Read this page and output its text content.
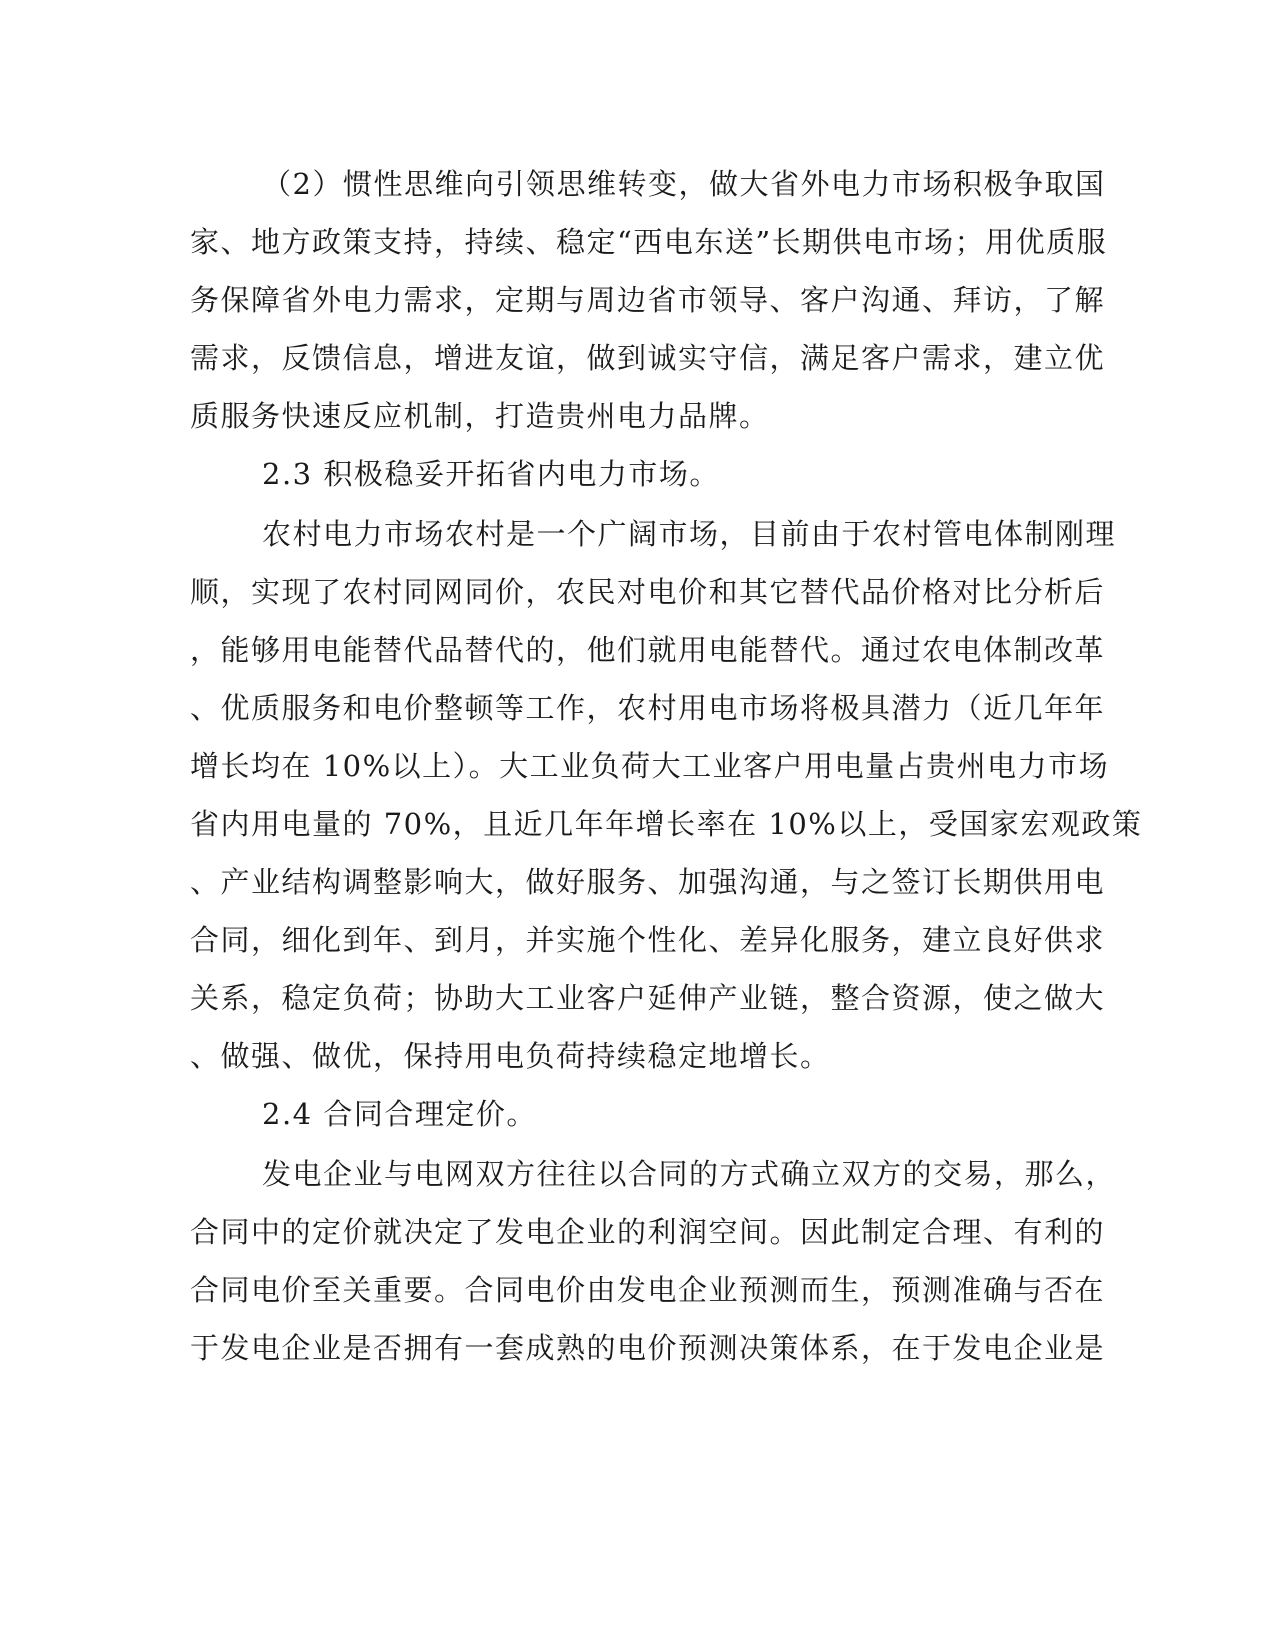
（2）惯性思维向引领思维转变，做大省外电力市场积极争取国
家、地方政策支持，持续、稳定“西电东送”长期供电市场；用优质服
务保障省外电力需求，定期与周边省市领导、客户沟通、拜访，了解
需求，反馈信息，增进友谊，做到诚实守信，满足客户需求，建立优
质服务快速反应机制，打造贵州电力品牌。
2.3 积极稳妥开拓省内电力市场。
农村电力市场农村是一个广阔市场，目前由于农村管电体制刚理
顺，实现了农村同网同价，农民对电价和其它替代品价格对比分析后
，能够用电能替代品替代的，他们就用电能替代。通过农电体制改革
、优质服务和电价整顿等工作，农村用电市场将极具潜力（近几年年
增长均在 10%以上）。大工业负荷大工业客户用电量占贵州电力市场
省内用电量的 70%，且近几年年增长率在 10%以上，受国家宏观政策
、产业结构调整影响大，做好服务、加强沟通，与之签订长期供用电
合同，细化到年、到月，并实施个性化、差异化服务，建立良好供求
关系，稳定负荷；协助大工业客户延伸产业链，整合资源，使之做大
、做强、做优，保持用电负荷持续稳定地增长。
2.4 合同合理定价。
发电企业与电网双方往往以合同的方式确立双方的交易，那么，
合同中的定价就决定了发电企业的利润空间。因此制定合理、有利的
合同电价至关重要。合同电价由发电企业预测而生，预测准确与否在
于发电企业是否拥有一套成熟的电价预测决策体系，在于发电企业是
